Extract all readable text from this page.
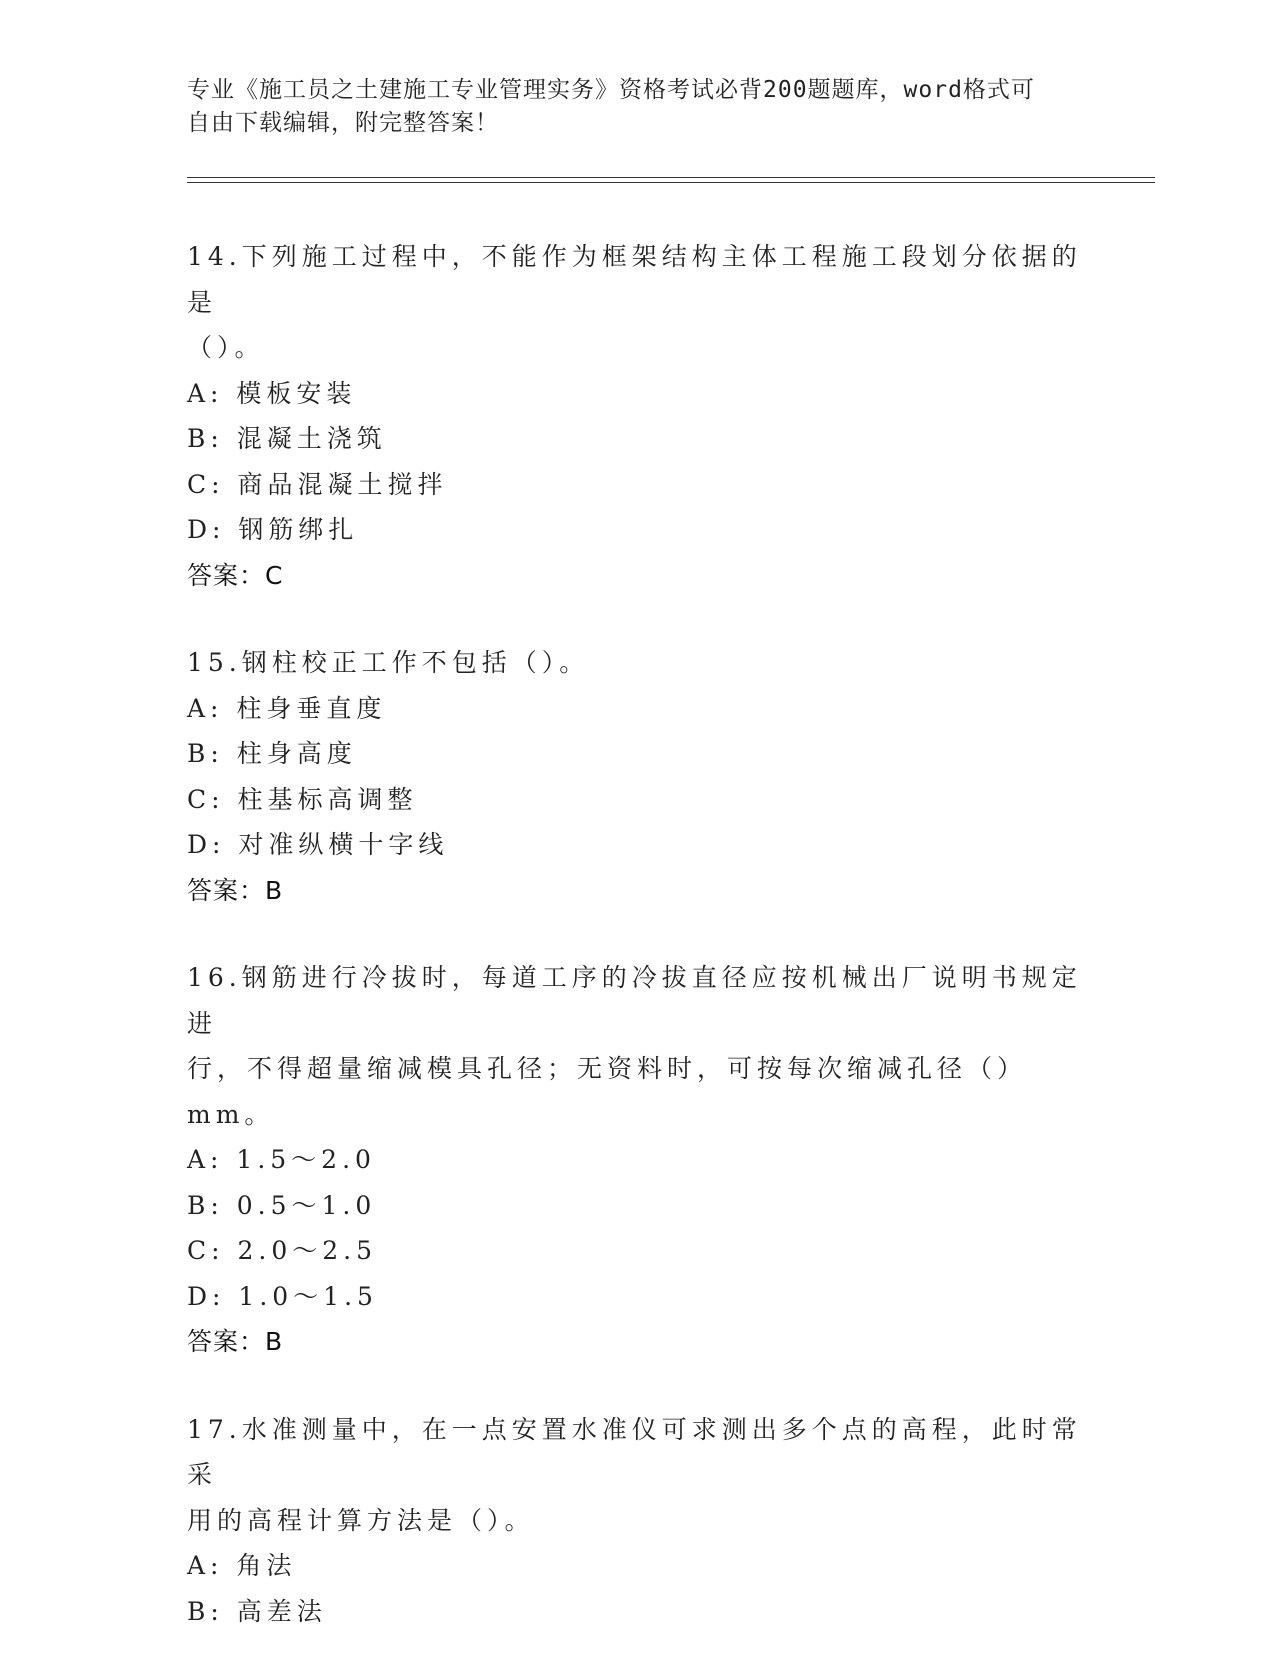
专业《施工员之土建施工专业管理实务》资格考试必背200题题库，word格式可
自由下载编辑，附完整答案！
14.下列施工过程中，不能作为框架结构主体工程施工段划分依据的是
（）。
A: 模板安装
B: 混凝土浇筑
C: 商品混凝土搅拌
D: 钢筋绑扎
答案：C
15.钢柱校正工作不包括（）。
A: 柱身垂直度
B: 柱身高度
C: 柱基标高调整
D: 对准纵横十字线
答案：B
16.钢筋进行冷拔时，每道工序的冷拔直径应按机械出厂说明书规定进
行，不得超量缩减模具孔径；无资料时，可按每次缩减孔径（）mm。
A: 1.5～2.0
B: 0.5～1.0
C: 2.0～2.5
D: 1.0～1.5
答案：B
17.水准测量中，在一点安置水准仪可求测出多个点的高程，此时常采
用的高程计算方法是（）。
A: 角法
B: 高差法
